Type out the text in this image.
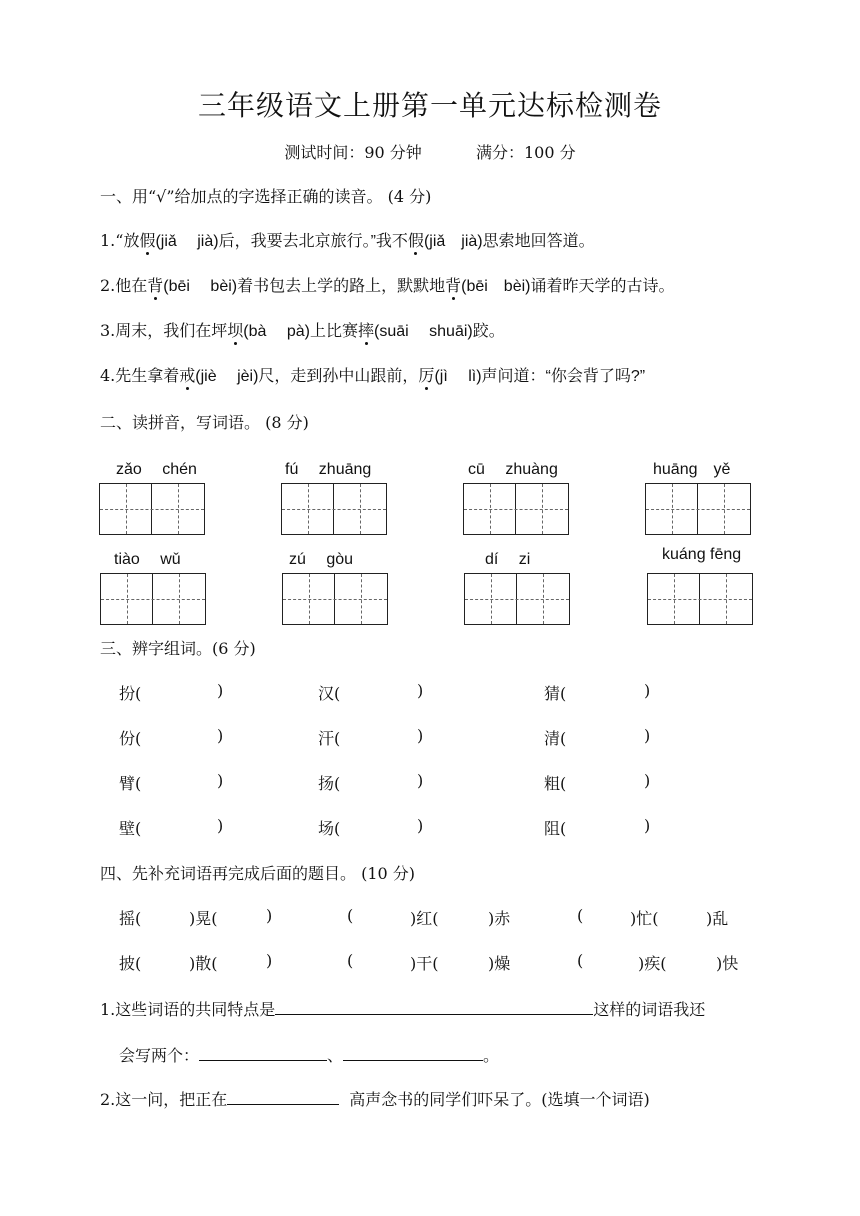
三年级语文上册第一单元达标检测卷
测试时间：90 分钟	满分：100 分
一、用“√”给加点的字选择正确的读音。 (4 分)
1.“放假(jiǎ　 jià)后，我要去北京旅行。”我不假(jiǎ　jià)思索地回答道。
2.他在背(bēi　 bèi)着书包去上学的路上，默默地背(bēi　bèi)诵着昨天学的古诗。
3.周末，我们在坪坝(bà　 pà)上比赛摔(suāi　 shuāi)跤。
4.先生拿着戒(jiè　 jèi)尺，走到孙中山跟前，厉(jì　 lì)声问道：“你会背了吗?”
二、读拼音，写词语。 (8 分)
zǎo　 chén	fú　 zhuāng	cū　 zhuàng	huāng　yě
tiào　 wǔ	zú　 gòu	dí　 zi	kuáng fēng
三、辨字组词。(6 分)
扮(	)	汉(	)	猜(	)
份(	)	汗(	)	清(	)
臂(	)	扬(	)	粗(	)
壁(	)	场(	)	阻(	)
四、先补充词语再完成后面的题目。 (10 分)
摇(	)晃(	)	(	)红(	)赤	(	)忙(	)乱
披(	)散(	)	(	)干(	)燥	(	)疾(	)快
1.这些词语的共同特点是	这样的词语我还
会写两个：	、	。
2.这一问，把正在	高声念书的同学们吓呆了。(选填一个词语)
